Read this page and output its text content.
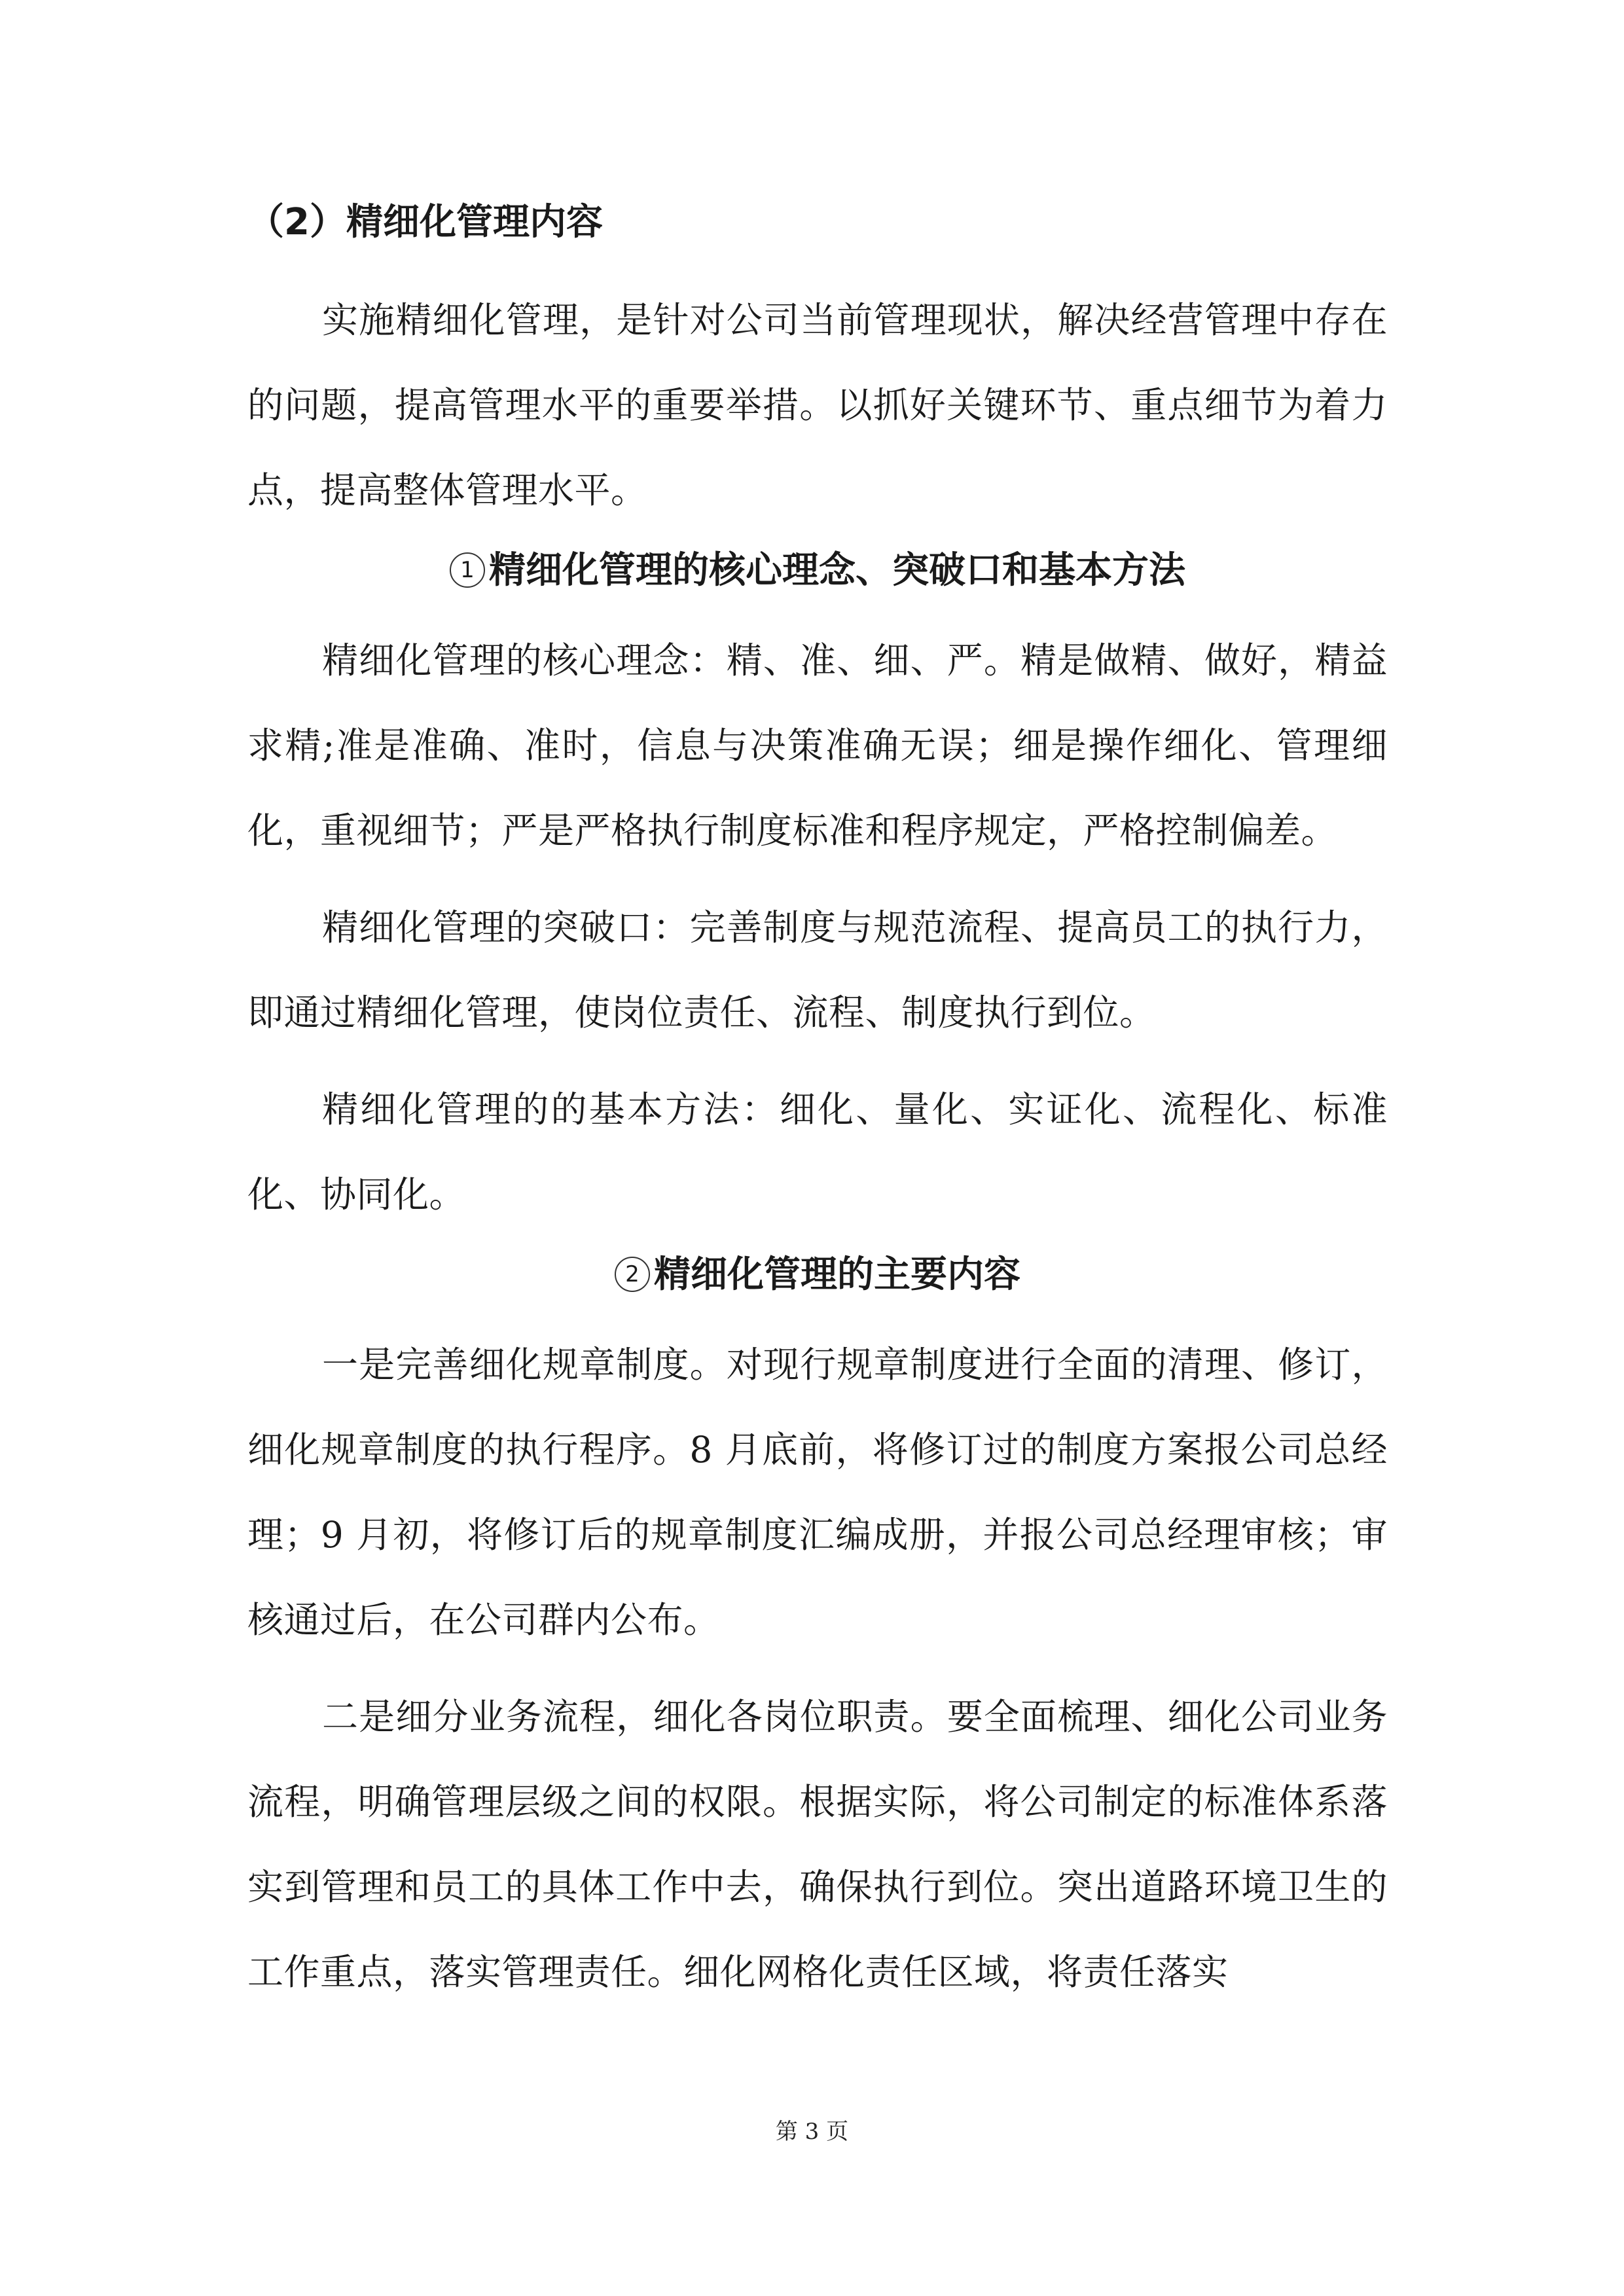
（2）精细化管理内容

实施精细化管理，是针对公司当前管理现状，解决经营管理中存在的问题，提高管理水平的重要举措。以抓好关键环节、重点细节为着力点，提高整体管理水平。

1 精细化管理的核心理念、突破口和基本方法

精细化管理的核心理念：精、准、细、严。精是做精、做好，精益求精;准是准确、准时，信息与决策准确无误；细是操作细化、管理细化，重视细节；严是严格执行制度标准和程序规定，严格控制偏差。

精细化管理的突破口：完善制度与规范流程、提高员工的执行力，即通过精细化管理，使岗位责任、流程、制度执行到位。

精细化管理的的基本方法：细化、量化、实证化、流程化、标准化、协同化。

2 精细化管理的主要内容

一是完善细化规章制度。对现行规章制度进行全面的清理、修订，细化规章制度的执行程序。8 月底前，将修订过的制度方案报公司总经理；9 月初，将修订后的规章制度汇编成册，并报公司总经理审核；审核通过后，在公司群内公布。

二是细分业务流程，细化各岗位职责。要全面梳理、细化公司业务流程，明确管理层级之间的权限。根据实际，将公司制定的标准体系落实到管理和员工的具体工作中去，确保执行到位。突出道路环境卫生的工作重点，落实管理责任。细化网格化责任区域，将责任落实

第 3 页
